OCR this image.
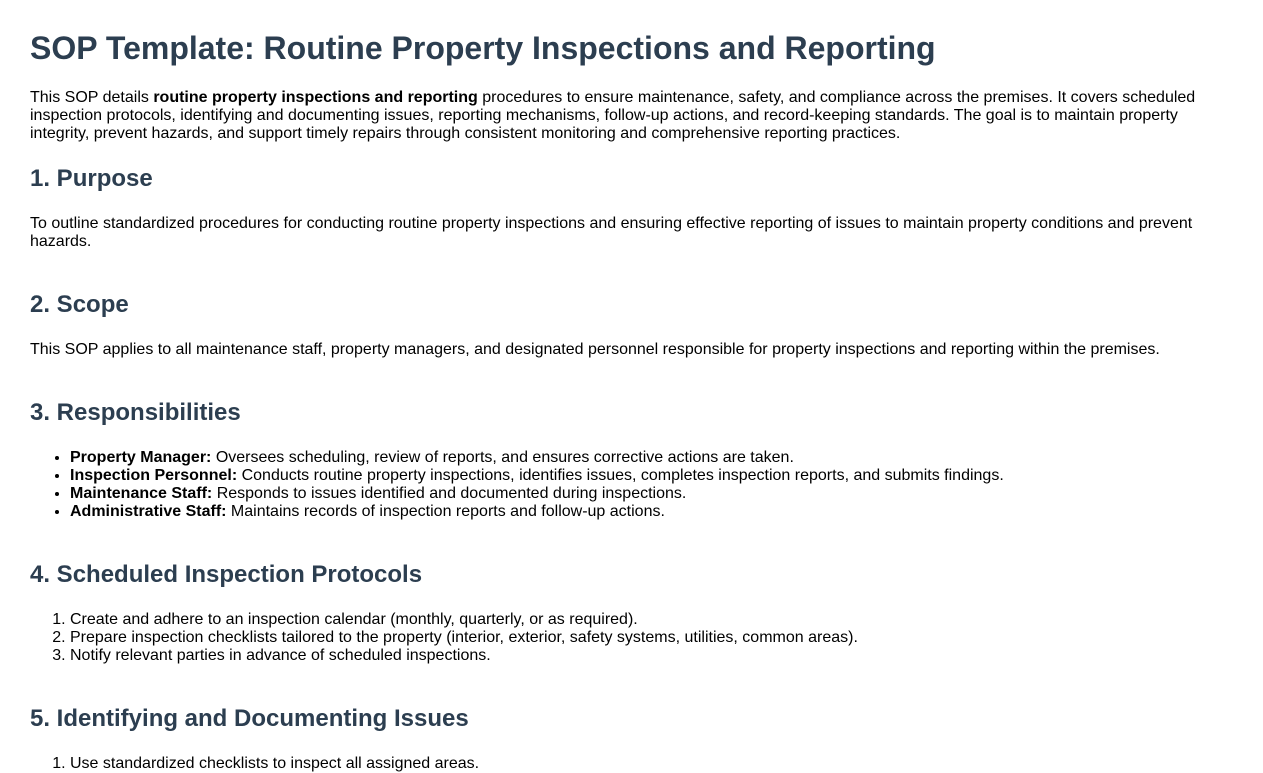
SOP Template: Routine Property Inspections and Reporting

This SOP details routine property inspections and reporting procedures to ensure maintenance, safety, and compliance across the premises. It covers scheduled inspection protocols, identifying and documenting issues, reporting mechanisms, follow-up actions, and record-keeping standards. The goal is to maintain property integrity, prevent hazards, and support timely repairs through consistent monitoring and comprehensive reporting practices.

1. Purpose

To outline standardized procedures for conducting routine property inspections and ensuring effective reporting of issues to maintain property conditions and prevent hazards.

2. Scope

This SOP applies to all maintenance staff, property managers, and designated personnel responsible for property inspections and reporting within the premises.

3. Responsibilities
• Property Manager: Oversees scheduling, review of reports, and ensures corrective actions are taken.
• Inspection Personnel: Conducts routine property inspections, identifies issues, completes inspection reports, and submits findings.
• Maintenance Staff: Responds to issues identified and documented during inspections.
• Administrative Staff: Maintains records of inspection reports and follow-up actions.
4. Scheduled Inspection Protocols
1. Create and adhere to an inspection calendar (monthly, quarterly, or as required).
2. Prepare inspection checklists tailored to the property (interior, exterior, safety systems, utilities, common areas).
3. Notify relevant parties in advance of scheduled inspections.
5. Identifying and Documenting Issues
1. Use standardized checklists to inspect all assigned areas.
